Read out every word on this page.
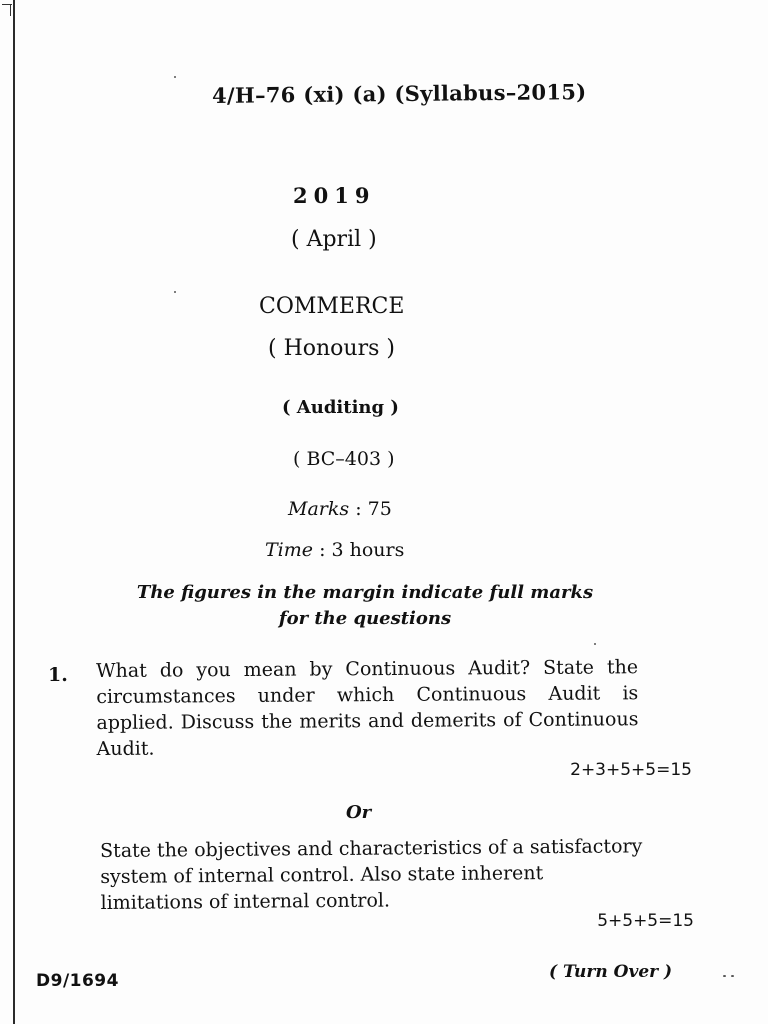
4/H–76 (xi) (a) (Syllabus–2015)
2019
( April )
COMMERCE
( Honours )
( Auditing )
( BC–403 )
Marks : 75
Time : 3 hours
The figures in the margin indicate full marks
for the questions
1. What do you mean by Continuous Audit? State the circumstances under which Continuous Audit is applied. Discuss the merits and demerits of Continuous Audit.
2+3+5+5=15
Or
State the objectives and characteristics of a satisfactory system of internal control. Also state inherent limitations of internal control.
5+5+5=15
D9/1694	( Turn Over )
